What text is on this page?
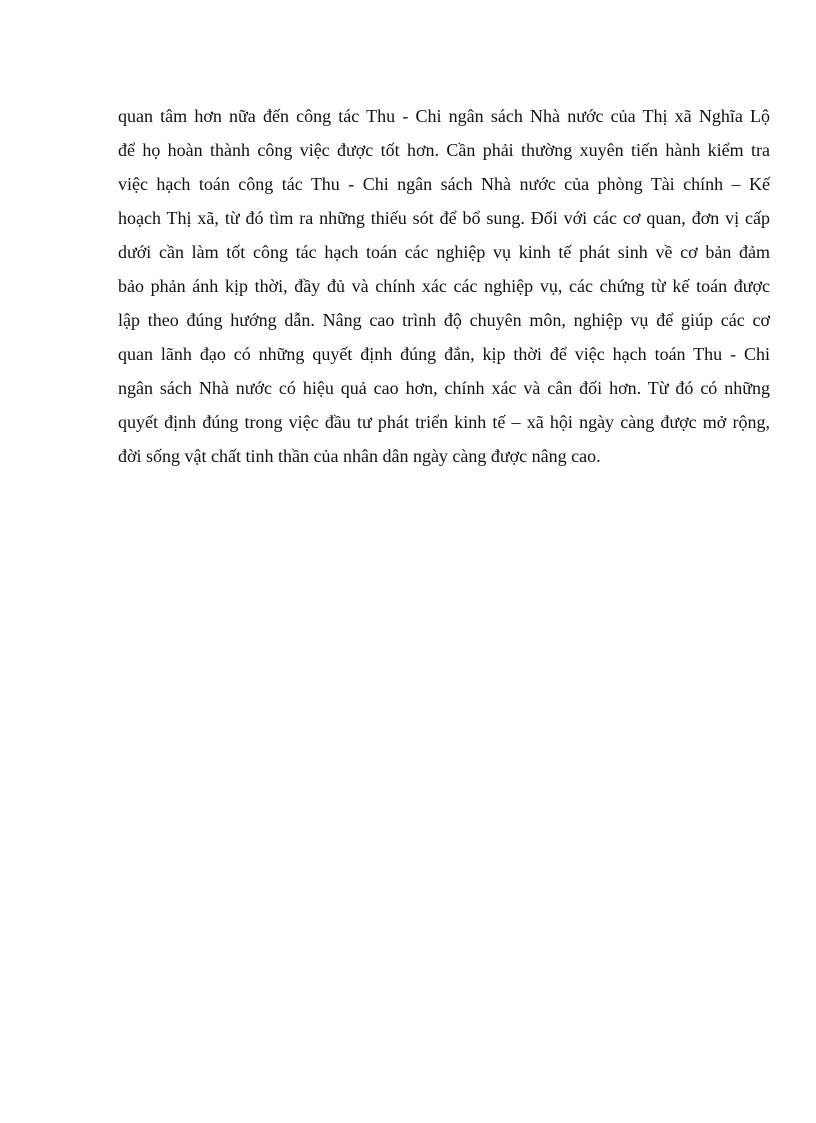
quan tâm hơn nữa đến công tác Thu - Chi ngân sách Nhà nước của Thị xã Nghĩa Lộ
để họ hoàn thành công việc được tốt hơn. Cần phải thường xuyên tiến hành kiểm tra
việc hạch toán công tác Thu - Chi ngân sách Nhà nước của phòng Tài chính – Kế
hoạch Thị xã, từ đó tìm ra những thiếu sót để bổ sung. Đối với các cơ quan, đơn vị cấp
dưới cần làm tốt công tác hạch toán các nghiệp vụ kinh tế phát sinh về cơ bản đảm
bảo phản ánh kịp thời, đầy đủ và chính xác các nghiệp vụ, các chứng từ kế toán được
lập theo đúng hướng dẫn. Nâng cao trình độ chuyên môn, nghiệp vụ để giúp các cơ
quan lãnh đạo có những quyết định đúng đắn, kịp thời để việc hạch toán Thu - Chi
ngân sách Nhà nước có hiệu quả cao hơn, chính xác và cân đối hơn. Từ đó có những
quyết định đúng trong việc đầu tư phát triển kinh tế – xã hội ngày càng được mở rộng,
đời sống vật chất tinh thần của nhân dân ngày càng được nâng cao.
